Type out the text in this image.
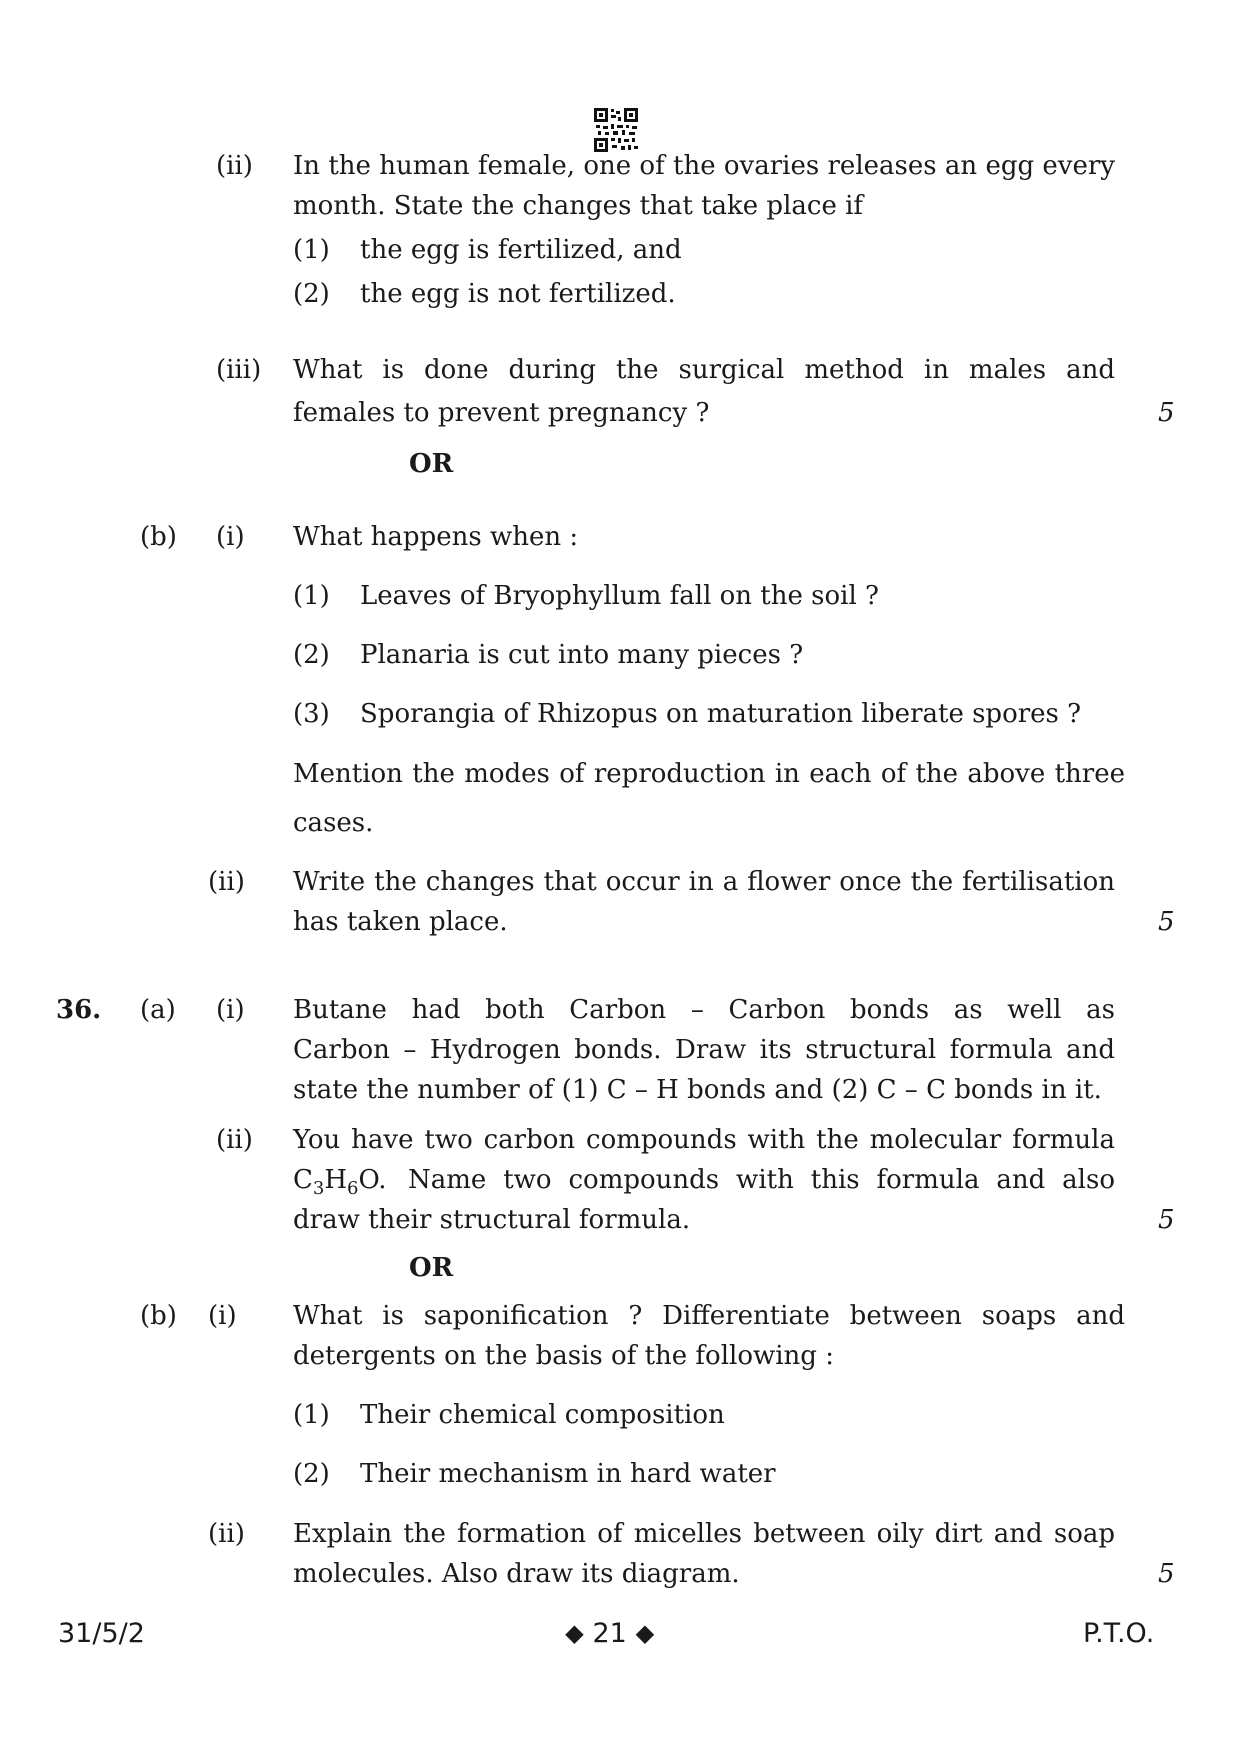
(ii) In the human female, one of the ovaries releases an egg every
month. State the changes that take place if
(1) the egg is fertilized, and
(2) the egg is not fertilized.
(iii) What is done during the surgical method in males and
females to prevent pregnancy ?	5
OR
(b) (i) What happens when :
(1) Leaves of Bryophyllum fall on the soil ?
(2) Planaria is cut into many pieces ?
(3) Sporangia of Rhizopus on maturation liberate spores ?
Mention the modes of reproduction in each of the above three
cases.
(ii) Write the changes that occur in a flower once the fertilisation
has taken place.	5
36. (a) (i) Butane had both Carbon – Carbon bonds as well as
Carbon – Hydrogen bonds. Draw its structural formula and
state the number of (1) C – H bonds and (2) C – C bonds in it.
(ii) You have two carbon compounds with the molecular formula
$C_3H_6O$. Name two compounds with this formula and also
draw their structural formula.	5
OR
(b) (i) What is saponification ? Differentiate between soaps and
detergents on the basis of the following :
(1) Their chemical composition
(2) Their mechanism in hard water
(ii) Explain the formation of micelles between oily dirt and soap
molecules. Also draw its diagram.	5
31/5/2	⬥ 21 ⬥	P.T.O.
